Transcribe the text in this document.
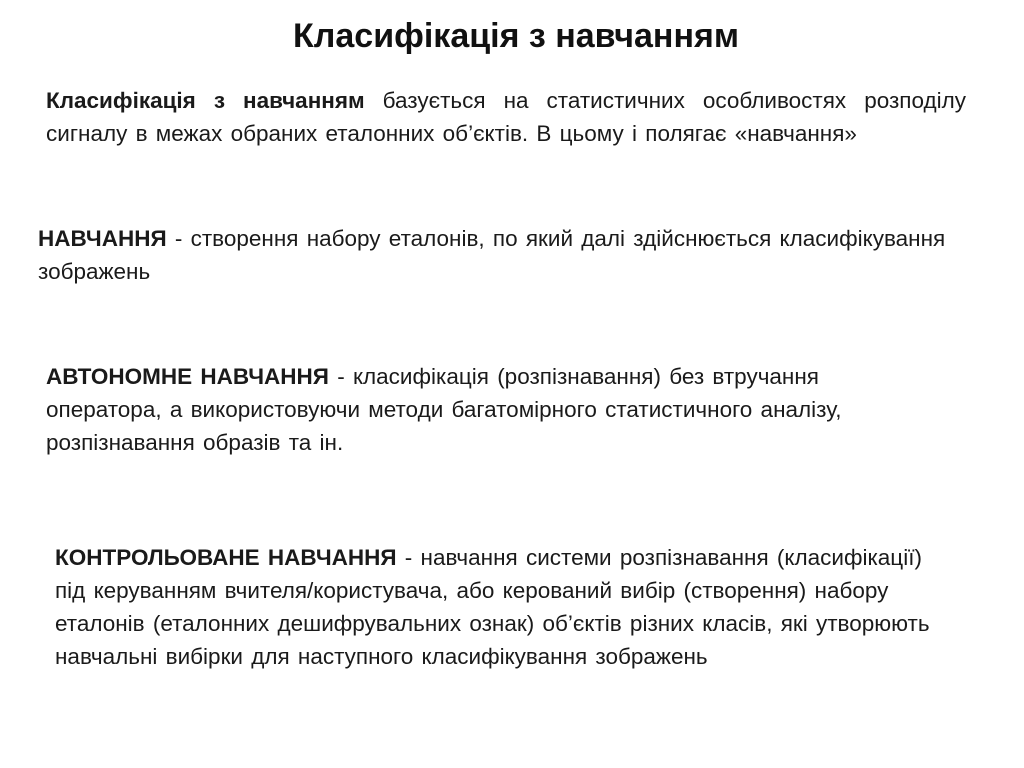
Класифікація з навчанням

Класифікація з навчанням базується на статистичних особливостях розподілу сигналу в межах обраних еталонних об’єктів. В цьому і полягає «навчання»

НАВЧАННЯ - створення набору еталонів, по який далі здійснюється класифікування зображень

АВТОНОМНЕ НАВЧАННЯ - класифікація (розпізнавання) без втручання оператора, а використовуючи методи багатомірного статистичного аналізу, розпізнавання образів та ін.

КОНТРОЛЬОВАНЕ НАВЧАННЯ - навчання системи розпізнавання (класифікації) під керуванням вчителя/користувача, або керований вибір (створення) набору еталонів (еталонних дешифрувальних ознак) об’єктів різних класів, які утворюють навчальні вибірки для наступного класифікування зображень
